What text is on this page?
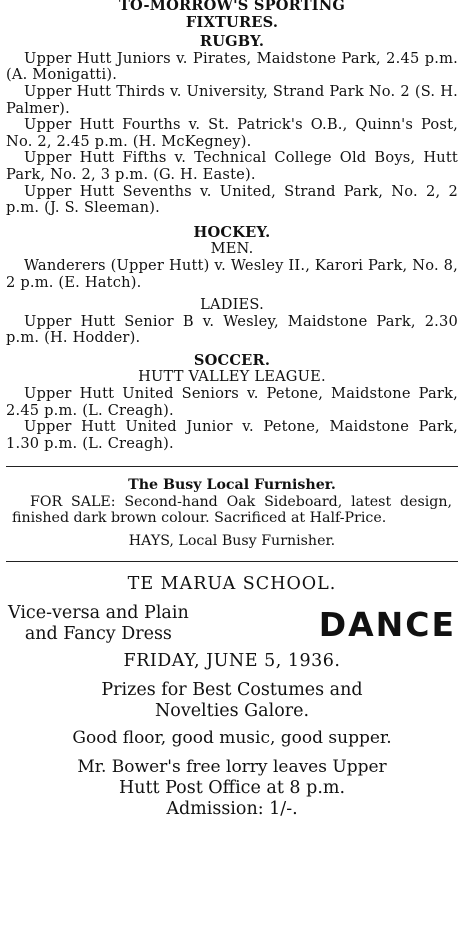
TO-MORROW'S SPORTING
FIXTURES.
RUGBY.

Upper Hutt Juniors v. Pirates, Maidstone Park, 2.45 p.m. (A. Monigatti).

Upper Hutt Thirds v. University, Strand Park No. 2 (S. H. Palmer).

Upper Hutt Fourths v. St. Patrick's O.B., Quinn's Post, No. 2, 2.45 p.m. (H. McKegney).

Upper Hutt Fifths v. Technical College Old Boys, Hutt Park, No. 2, 3 p.m. (G. H. Easte).

Upper Hutt Sevenths v. United, Strand Park, No. 2, 2 p.m. (J. S. Sleeman).

HOCKEY.
MEN.

Wanderers (Upper Hutt) v. Wesley II., Karori Park, No. 8, 2 p.m. (E. Hatch).

LADIES.

Upper Hutt Senior B v. Wesley, Maidstone Park, 2.30 p.m. (H. Hodder).

SOCCER.
HUTT VALLEY LEAGUE.

Upper Hutt United Seniors v. Petone, Maidstone Park, 2.45 p.m. (L. Creagh).

Upper Hutt United Junior v. Petone, Maidstone Park, 1.30 p.m. (L. Creagh).

The Busy Local Furnisher.

FOR SALE: Second-hand Oak Sideboard, latest design, finished dark brown colour. Sacrificed at Half-Price.

HAYS, Local Busy Furnisher.
TE MARUA SCHOOL.
Vice-versa and Plain
and Fancy Dress	DANCE
FRIDAY, JUNE 5, 1936.
Prizes for Best Costumes and
Novelties Galore.
Good floor, good music, good supper.
Mr. Bower's free lorry leaves Upper
Hutt Post Office at 8 p.m.
Admission: 1/-.
